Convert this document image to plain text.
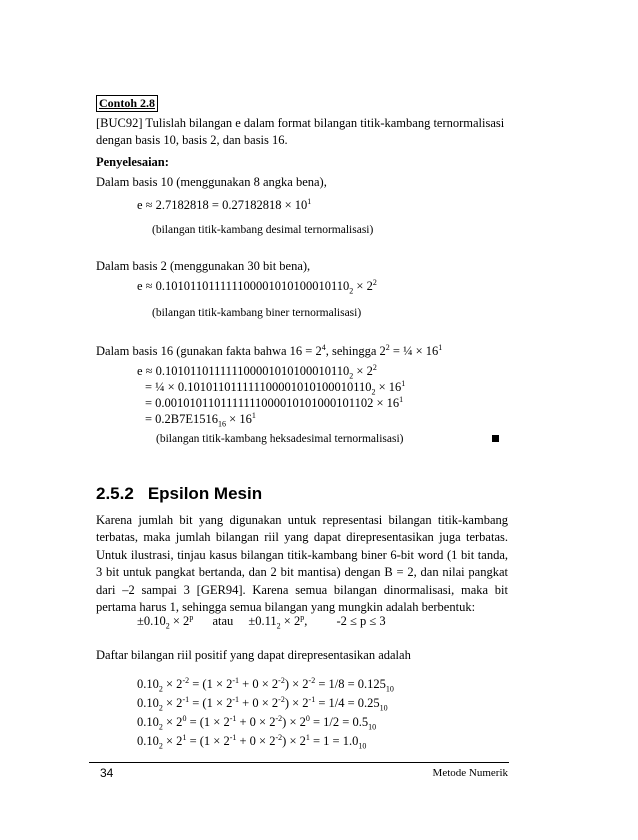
Contoh 2.8
[BUC92] Tulislah bilangan e dalam format bilangan titik-kambang ternormalisasi dengan basis 10, basis 2, dan basis 16.
Penyelesaian:
Dalam basis 10 (menggunakan 8 angka bena),
$e \approx 2.7182818 = 0.27182818 \times 10^1$
(bilangan titik-kambang desimal ternormalisasi)
Dalam basis 2 (menggunakan 30 bit bena),
$e \approx 0.101011011111100001010100010110_2 \times 2^2$
(bilangan titik-kambang biner ternormalisasi)
Dalam basis 16 (gunakan fakta bahwa $16 = 2^4$, sehingga $2^2$ = ¼ × $16^1$
$e \approx 0.101011011111100001010100010110_2 \times 2^2$
= ¼ × $0.101011011111100001010100010110_2 \times 16^1$
= $0.0010101101111111000010101000101102 \times 16^1$
= $0.2B7E1516_{16} \times 16^1$
(bilangan titik-kambang heksadesimal ternormalisasi)
2.5.2 Epsilon Mesin
Karena jumlah bit yang digunakan untuk representasi bilangan titik-kambang terbatas, maka jumlah bilangan riil yang dapat direpresentasikan juga terbatas. Untuk ilustrasi, tinjau kasus bilangan titik-kambang biner 6-bit word (1 bit tanda, 3 bit untuk pangkat bertanda, dan 2 bit mantisa) dengan B = 2, dan nilai pangkat dari –2 sampai 3 [GER94]. Karena semua bilangan dinormalisasi, maka bit pertama harus 1, sehingga semua bilangan yang mungkin adalah berbentuk:
$\pm 0.10_2 \times 2^p$ atau $\pm 0.11_2 \times 2^p$, -2 ≤ p ≤ 3
Daftar bilangan riil positif yang dapat direpresentasikan adalah
$0.10_2 \times 2^{-2} = (1 \times 2^{-1} + 0 \times 2^{-2}) \times 2^{-2} = 1/8 = 0.125_{10}$
$0.10_2 \times 2^{-1} = (1 \times 2^{-1} + 0 \times 2^{-2}) \times 2^{-1} = 1/4 = 0.25_{10}$
$0.10_2 \times 2^0 = (1 \times 2^{-1} + 0 \times 2^{-2}) \times 2^0 = 1/2 = 0.5_{10}$
$0.10_2 \times 2^1 = (1 \times 2^{-1} + 0 \times 2^{-2}) \times 2^1 = 1 = 1.0_{10}$
34	Metode Numerik
